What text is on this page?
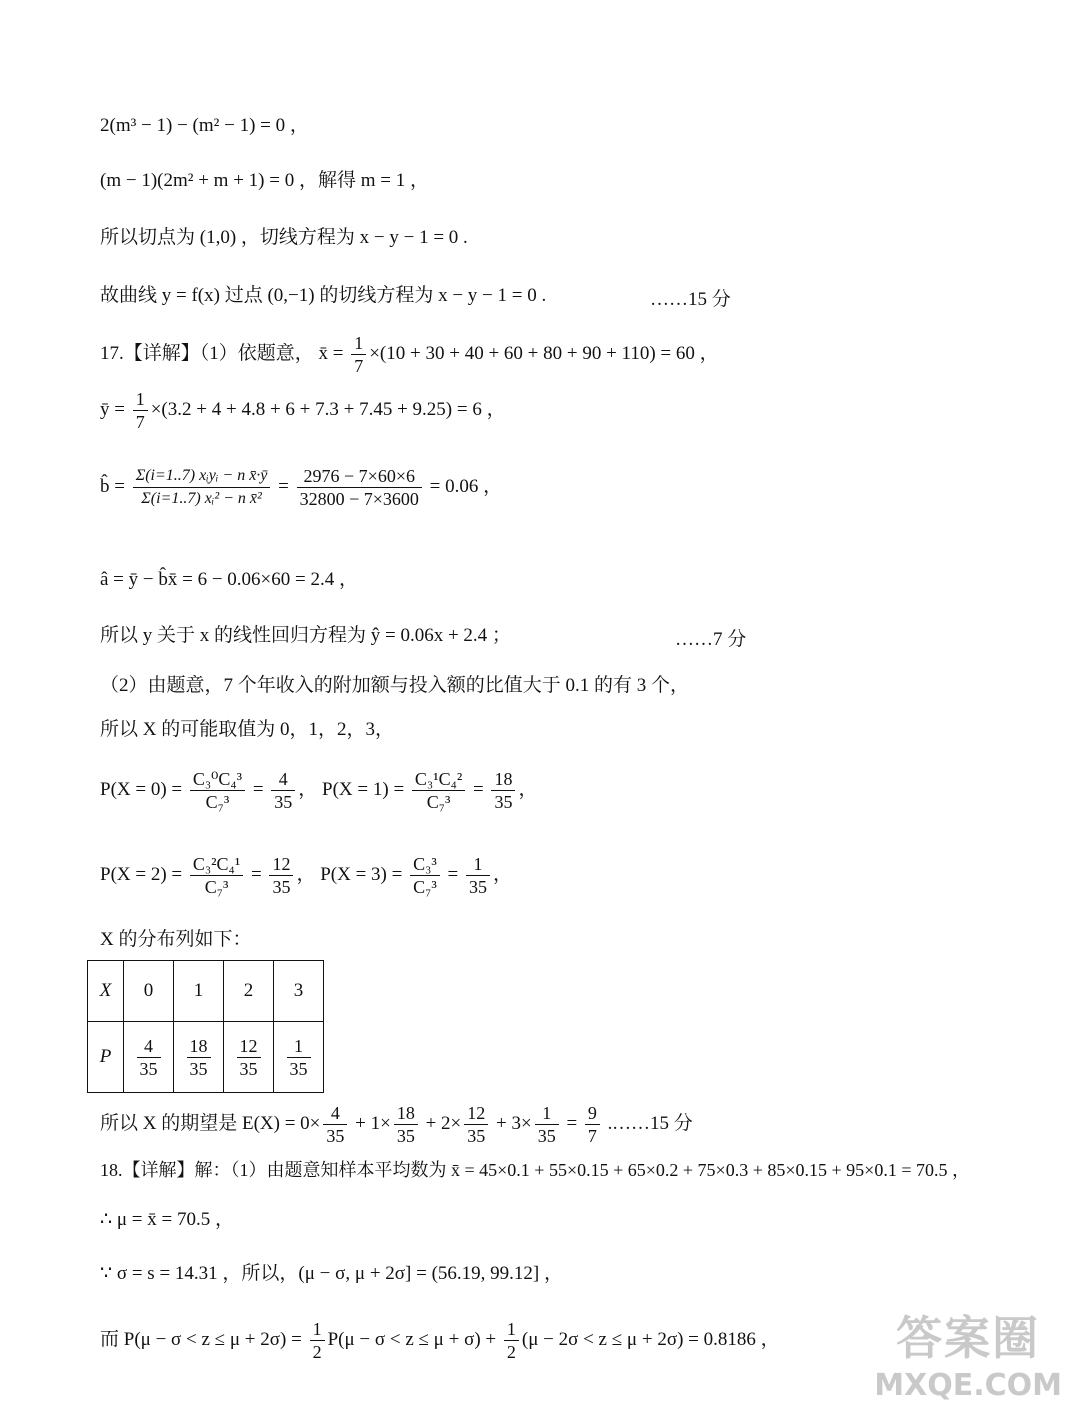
2(m³ − 1) − (m² − 1) = 0 ，
(m − 1)(2m² + m + 1) = 0 ，解得 m = 1 ，
所以切点为 (1,0) ，切线方程为 x − y − 1 = 0 .
故曲线 y = f(x) 过点 (0,−1) 的切线方程为 x − y − 1 = 0 .	……15 分
17.【详解】（1）依题意， x̄ = $\frac{1}{7} \times(10 + 30 + 40 + 60 + 80 + 90 + 110) = 60$ ，
ȳ = $\frac{1}{7} \times(3.2 + 4 + 4.8 + 6 + 7.3 + 7.45 + 9.25) = 6$ ，
b̂ = $\frac{\text{Σ(i=1..7) xᵢyᵢ − n x̄·ȳ}}{\text{Σ(i=1..7) xᵢ² − n x̄²}} = \frac{2976 - 7\times 60\times 6}{32800 - 7\times 3600} = 0.06$ ，
â = ȳ − b̂x̄ = 6 − 0.06×60 = 2.4 ，
所以 y 关于 x 的线性回归方程为 ŷ = 0.06x + 2.4 ；	……7 分
（2）由题意，7 个年收入的附加额与投入额的比值大于 0.1 的有 3 个，
所以 X 的可能取值为 0，1，2，3，
$P(X = 0) = \frac{\text{C₃⁰C₄³}}{\text{C₇³}} = \frac{4}{35}$ ， $P(X = 1) = \frac{\text{C₃¹C₄²}}{\text{C₇³}} = \frac{18}{35}$ ，
$P(X = 2) = \frac{\text{C₃²C₄¹}}{\text{C₇³}} = \frac{12}{35}$ ， $P(X = 3) = \frac{\text{C₃³}}{\text{C₇³}} = \frac{1}{35}$ ，
X 的分布列如下：
X	0	1	2	3
P	$\frac{4}{35}$	$\frac{18}{35}$	$\frac{12}{35}$	$\frac{1}{35}$
所以 X 的期望是 $E(X) = 0\times \frac{4}{35} + 1\times \frac{18}{35} + 2\times \frac{12}{35} + 3\times \frac{1}{35} = \frac{9}{7}$ . ……15 分
18.【详解】解：（1）由题意知样本平均数为 x̄ = 45×0.1 + 55×0.15 + 65×0.2 + 75×0.3 + 85×0.15 + 95×0.1 = 70.5 ，
∴ μ = x̄ = 70.5 ，
∵ σ = s = 14.31 ，所以，(μ − σ, μ + 2σ] = (56.19, 99.12] ，
而 $P(\mu - \sigma < z \le \mu + 2\sigma) = \frac{1}{2} P(\mu - \sigma < z \le \mu + \sigma) + \frac{1}{2} (\mu - 2\sigma < z \le \mu + 2\sigma) = 0.8186$ ，	答案圈
MXQE.COM
